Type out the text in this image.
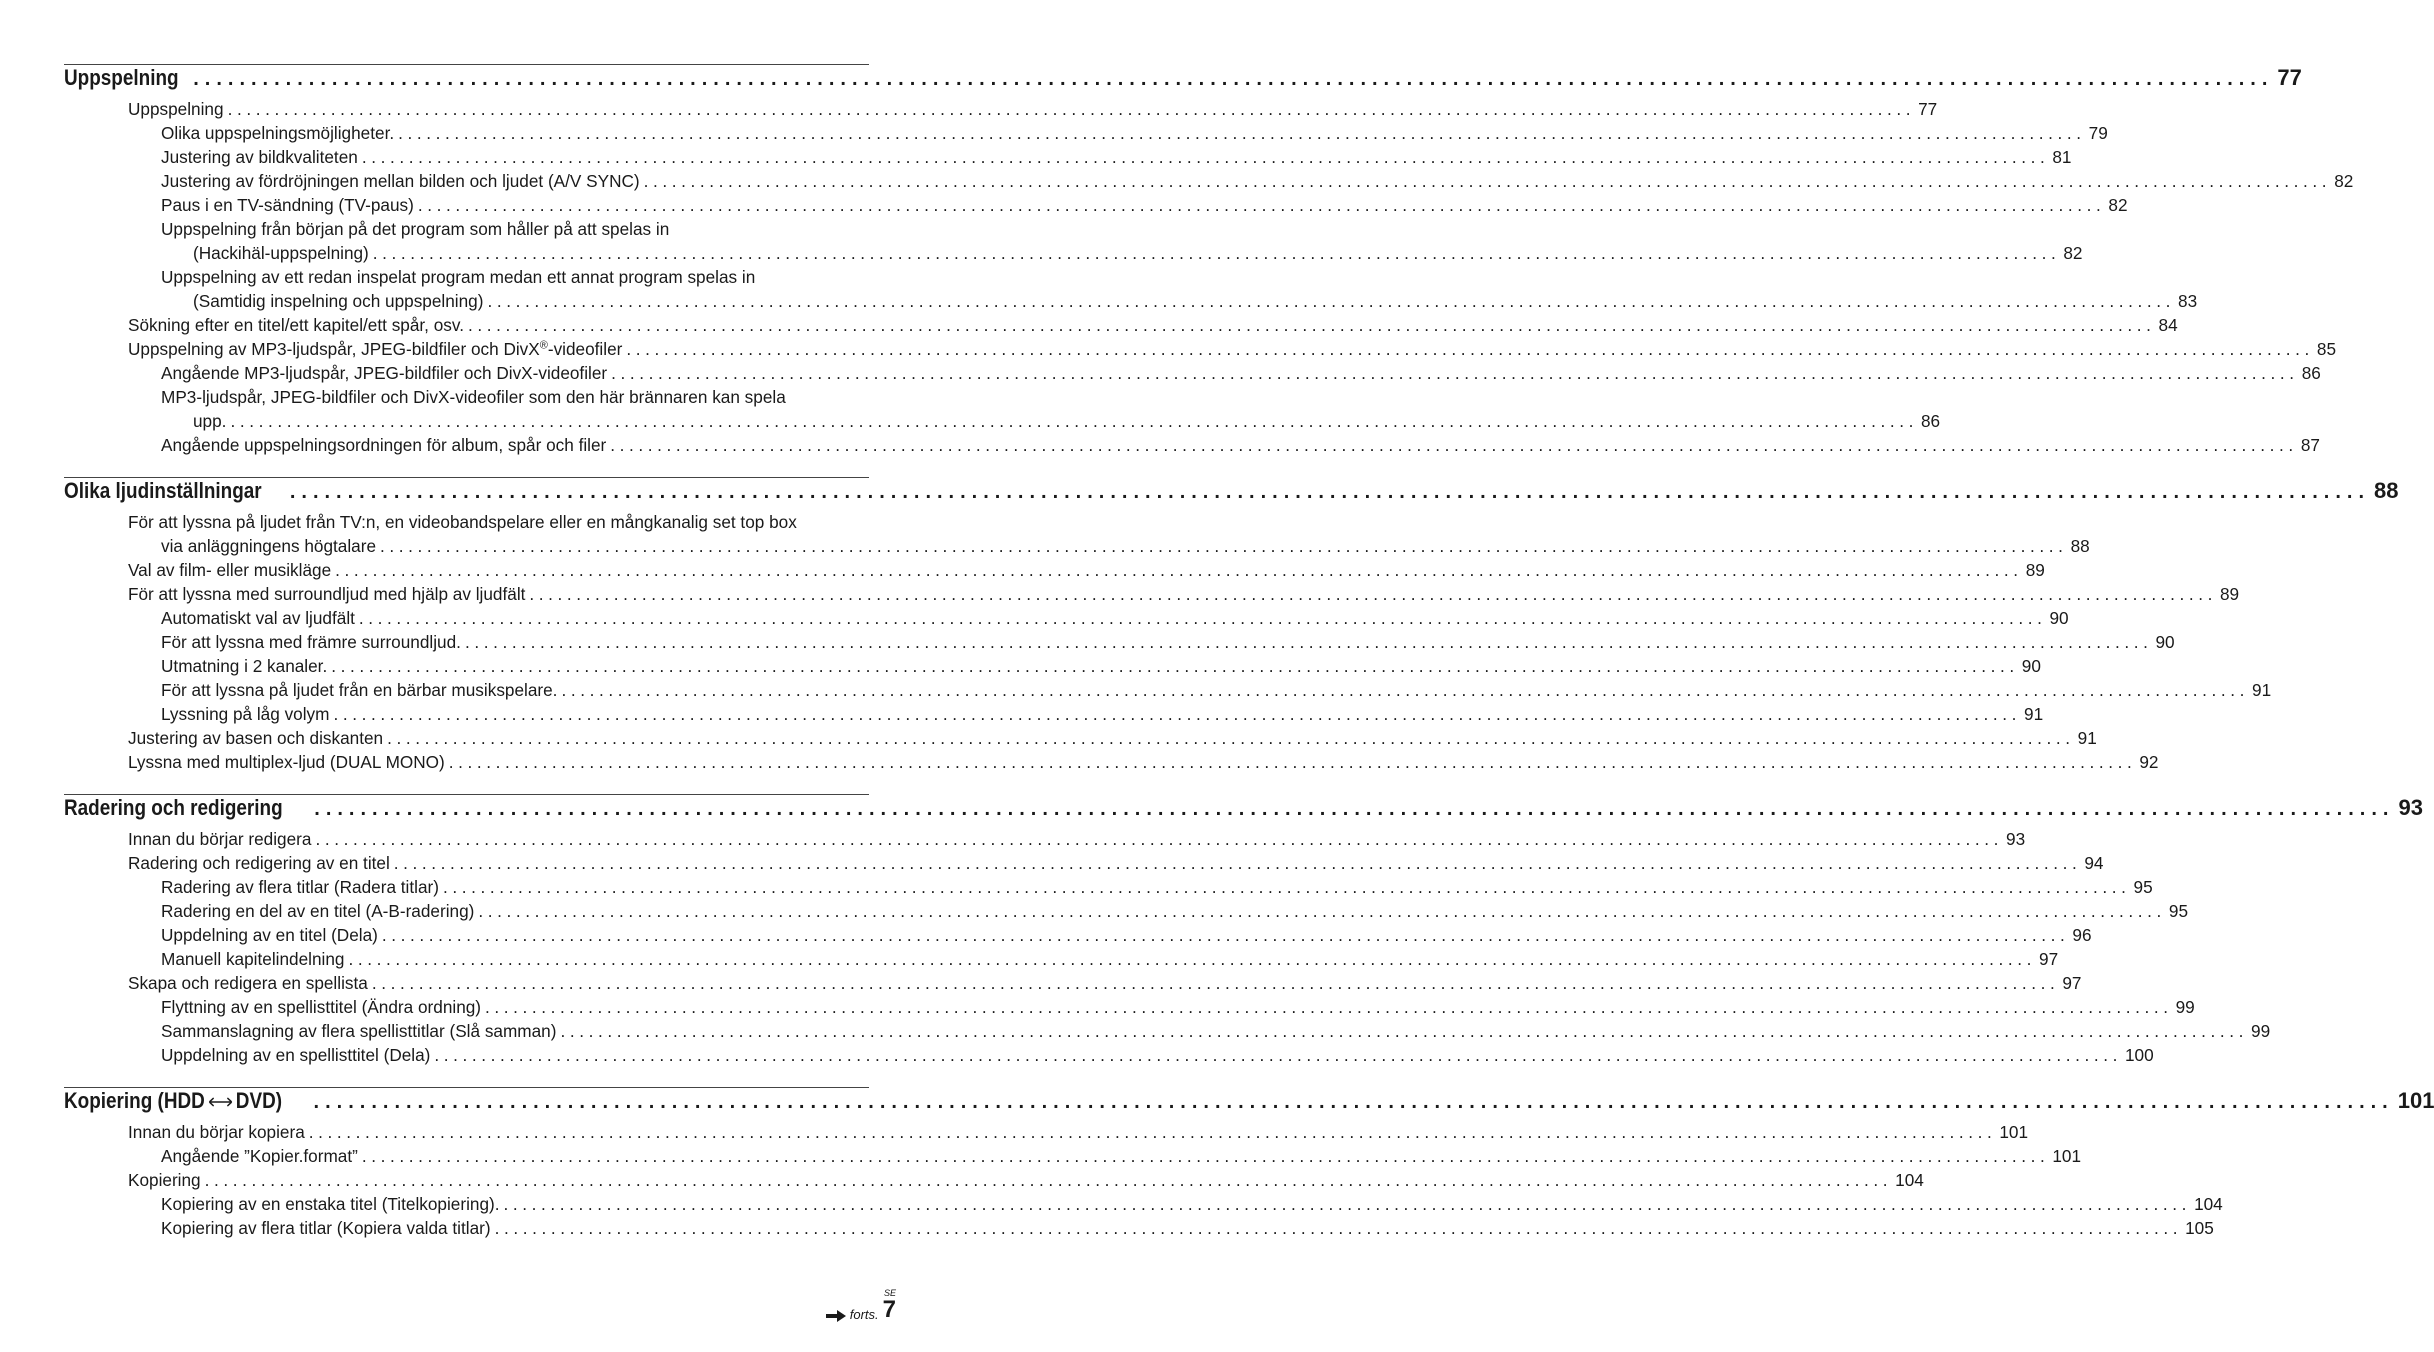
Uppspelning .................................................................................................................................................................................... 77
Uppspelning .................................................................................................................................................................................... 77
Olika uppspelningsmöjligheter. .................................................................................................................................................................................... 79
Justering av bildkvaliteten .................................................................................................................................................................................... 81
Justering av fördröjningen mellan bilden och ljudet (A/V SYNC) .................................................................................................................................................................................... 82
Paus i en TV-sändning (TV-paus) .................................................................................................................................................................................... 82
Uppspelning från början på det program som håller på att spelas in
(Hackihäl-uppspelning) .................................................................................................................................................................................... 82
Uppspelning av ett redan inspelat program medan ett annat program spelas in
(Samtidig inspelning och uppspelning) .................................................................................................................................................................................... 83
Sökning efter en titel/ett kapitel/ett spår, osv. .................................................................................................................................................................................... 84
Uppspelning av MP3-ljudspår, JPEG-bildfiler och DivX®-videofiler .................................................................................................................................................................................... 85
Angående MP3-ljudspår, JPEG-bildfiler och DivX-videofiler .................................................................................................................................................................................... 86
MP3-ljudspår, JPEG-bildfiler och DivX-videofiler som den här brännaren kan spela
upp. .................................................................................................................................................................................... 86
Angående uppspelningsordningen för album, spår och filer .................................................................................................................................................................................... 87
Olika ljudinställningar	.................................................................................................................................................................................... 88
För att lyssna på ljudet från TV:n, en videobandspelare eller en mångkanalig set top box
via anläggningens högtalare .................................................................................................................................................................................... 88
Val av film- eller musikläge .................................................................................................................................................................................... 89
För att lyssna med surroundljud med hjälp av ljudfält .................................................................................................................................................................................... 89
Automatiskt val av ljudfält .................................................................................................................................................................................... 90
För att lyssna med främre surroundljud. .................................................................................................................................................................................... 90
Utmatning i 2 kanaler. .................................................................................................................................................................................... 90
För att lyssna på ljudet från en bärbar musikspelare. .................................................................................................................................................................................... 91
Lyssning på låg volym .................................................................................................................................................................................... 91
Justering av basen och diskanten .................................................................................................................................................................................... 91
Lyssna med multiplex-ljud (DUAL MONO) .................................................................................................................................................................................... 92
Radering och redigering	.................................................................................................................................................................................... 93
Innan du börjar redigera .................................................................................................................................................................................... 93
Radering och redigering av en titel .................................................................................................................................................................................... 94
Radering av flera titlar (Radera titlar) .................................................................................................................................................................................... 95
Radering en del av en titel (A-B-radering) .................................................................................................................................................................................... 95
Uppdelning av en titel (Dela) .................................................................................................................................................................................... 96
Manuell kapitelindelning .................................................................................................................................................................................... 97
Skapa och redigera en spellista .................................................................................................................................................................................... 97
Flyttning av en spellisttitel (Ändra ordning) .................................................................................................................................................................................... 99
Sammanslagning av flera spellisttitlar (Slå samman) .................................................................................................................................................................................... 99
Uppdelning av en spellisttitel (Dela) .................................................................................................................................................................................... 100
Kopiering (HDD DVD)	.................................................................................................................................................................................... 101
Innan du börjar kopiera .................................................................................................................................................................................... 101
Angående ”Kopier.format” .................................................................................................................................................................................... 101
Kopiering .................................................................................................................................................................................... 104
Kopiering av en enstaka titel (Titelkopiering). .................................................................................................................................................................................... 104
Kopiering av flera titlar (Kopiera valda titlar) .................................................................................................................................................................................... 105
SE
forts. 7
